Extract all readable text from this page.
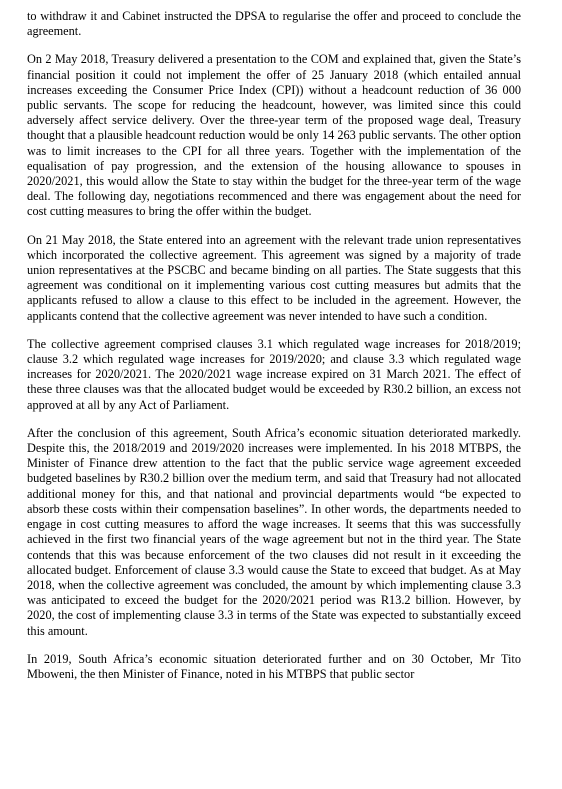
to withdraw it and Cabinet instructed the DPSA to regularise the offer and proceed to conclude the agreement.

On 2 May 2018, Treasury delivered a presentation to the COM and explained that, given the State’s financial position it could not implement the offer of 25 January 2018 (which entailed annual increases exceeding the Consumer Price Index (CPI)) without a headcount reduction of 36 000 public servants. The scope for reducing the headcount, however, was limited since this could adversely affect service delivery. Over the three-year term of the proposed wage deal, Treasury thought that a plausible headcount reduction would be only 14 263 public servants. The other option was to limit increases to the CPI for all three years. Together with the implementation of the equalisation of pay progression, and the extension of the housing allowance to spouses in 2020/2021, this would allow the State to stay within the budget for the three-year term of the wage deal. The following day, negotiations recommenced and there was engagement about the need for cost cutting measures to bring the offer within the budget.

On 21 May 2018, the State entered into an agreement with the relevant trade union representatives which incorporated the collective agreement. This agreement was signed by a majority of trade union representatives at the PSCBC and became binding on all parties. The State suggests that this agreement was conditional on it implementing various cost cutting measures but admits that the applicants refused to allow a clause to this effect to be included in the agreement. However, the applicants contend that the collective agreement was never intended to have such a condition.

The collective agreement comprised clauses 3.1 which regulated wage increases for 2018/2019; clause 3.2 which regulated wage increases for 2019/2020; and clause 3.3 which regulated wage increases for 2020/2021. The 2020/2021 wage increase expired on 31 March 2021. The effect of these three clauses was that the allocated budget would be exceeded by R30.2 billion, an excess not approved at all by any Act of Parliament.

After the conclusion of this agreement, South Africa’s economic situation deteriorated markedly. Despite this, the 2018/2019 and 2019/2020 increases were implemented. In his 2018 MTBPS, the Minister of Finance drew attention to the fact that the public service wage agreement exceeded budgeted baselines by R30.2 billion over the medium term, and said that Treasury had not allocated additional money for this, and that national and provincial departments would “be expected to absorb these costs within their compensation baselines”. In other words, the departments needed to engage in cost cutting measures to afford the wage increases. It seems that this was successfully achieved in the first two financial years of the wage agreement but not in the third year. The State contends that this was because enforcement of the two clauses did not result in it exceeding the allocated budget. Enforcement of clause 3.3 would cause the State to exceed that budget. As at May 2018, when the collective agreement was concluded, the amount by which implementing clause 3.3 was anticipated to exceed the budget for the 2020/2021 period was R13.2 billion. However, by 2020, the cost of implementing clause 3.3 in terms of the State was expected to substantially exceed this amount.

In 2019, South Africa’s economic situation deteriorated further and on 30 October, Mr Tito Mboweni, the then Minister of Finance, noted in his MTBPS that public sector
